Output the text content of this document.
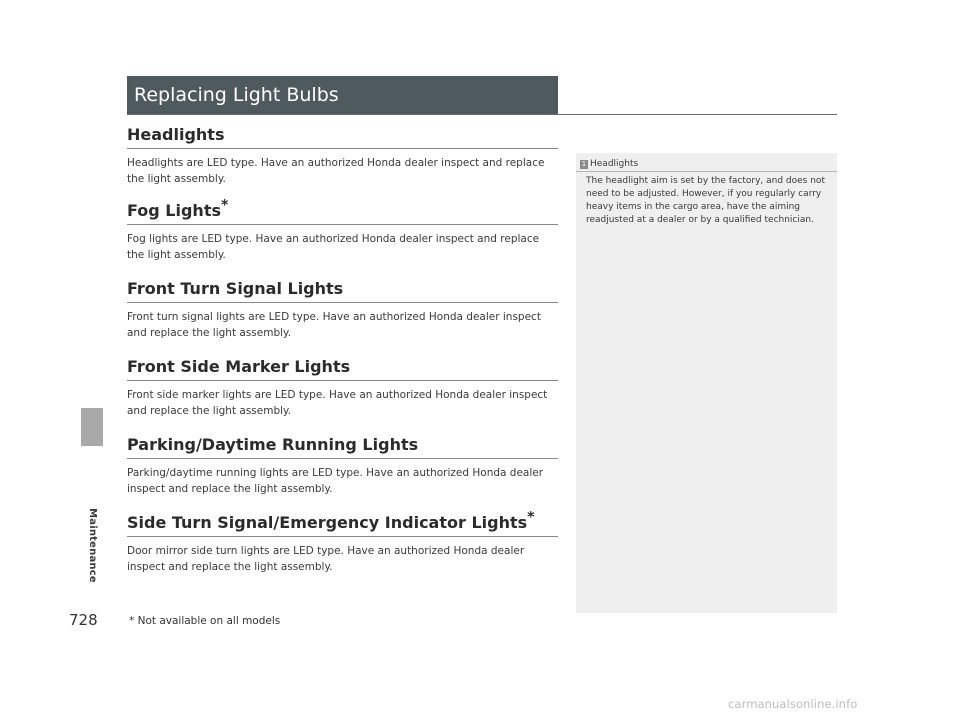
Maintenance
Replacing Light Bulbs
Headlights

Headlights are LED type. Have an authorized Honda dealer inspect and replace the light assembly.

Fog Lights*

Fog lights are LED type. Have an authorized Honda dealer inspect and replace the light assembly.

Front Turn Signal Lights

Front turn signal lights are LED type. Have an authorized Honda dealer inspect and replace the light assembly.

Front Side Marker Lights

Front side marker lights are LED type. Have an authorized Honda dealer inspect and replace the light assembly.

Parking/Daytime Running Lights

Parking/daytime running lights are LED type. Have an authorized Honda dealer inspect and replace the light assembly.

Side Turn Signal/Emergency Indicator Lights*

Door mirror side turn lights are LED type. Have an authorized Honda dealer inspect and replace the light assembly.

1 Headlights

The headlight aim is set by the factory, and does not need to be adjusted. However, if you regularly carry heavy items in the cargo area, have the aiming readjusted at a dealer or by a qualified technician.

728	* Not available on all models
carmanualsonline.info
